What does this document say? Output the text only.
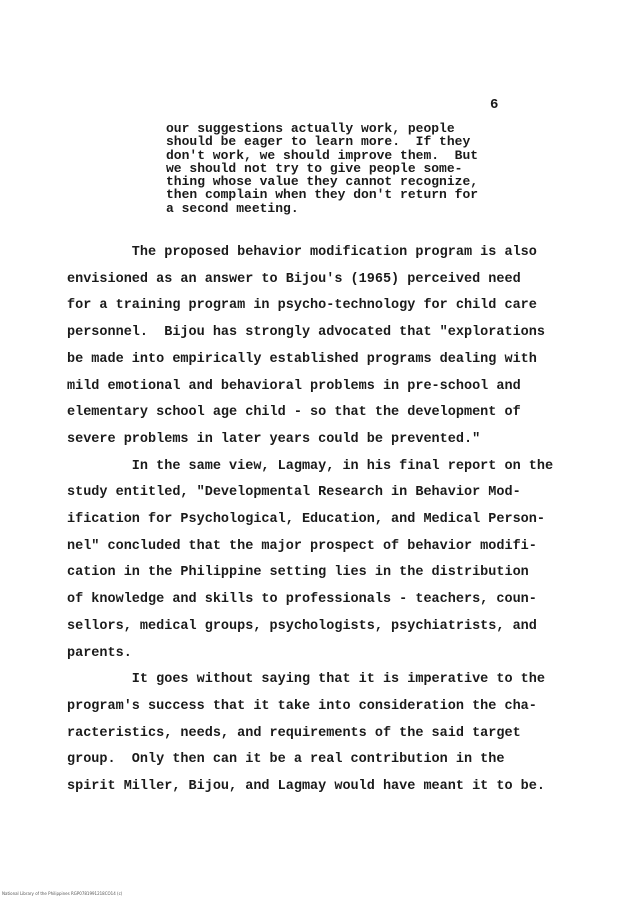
6
our suggestions actually work, people
should be eager to learn more.  If they
don't work, we should improve them.  But
we should not try to give people some-
thing whose value they cannot recognize,
then complain when they don't return for
a second meeting.
The proposed behavior modification program is also
envisioned as an answer to Bijou's (1965) perceived need
for a training program in psycho-technology for child care
personnel.  Bijou has strongly advocated that "explorations
be made into empirically established programs dealing with
mild emotional and behavioral problems in pre-school and
elementary school age child - so that the development of
severe problems in later years could be prevented."
In the same view, Lagmay, in his final report on the
study entitled, "Developmental Research in Behavior Mod-
ification for Psychological, Education, and Medical Person-
nel" concluded that the major prospect of behavior modifi-
cation in the Philippine setting lies in the distribution
of knowledge and skills to professionals - teachers, coun-
sellors, medical groups, psychologists, psychiatrists, and
parents.
It goes without saying that it is imperative to the
program's success that it take into consideration the cha-
racteristics, needs, and requirements of the said target
group.  Only then can it be a real contribution in the
spirit Miller, Bijou, and Lagmay would have meant it to be.
National Library of the Philippines RGP0781991218CO14 (c)
